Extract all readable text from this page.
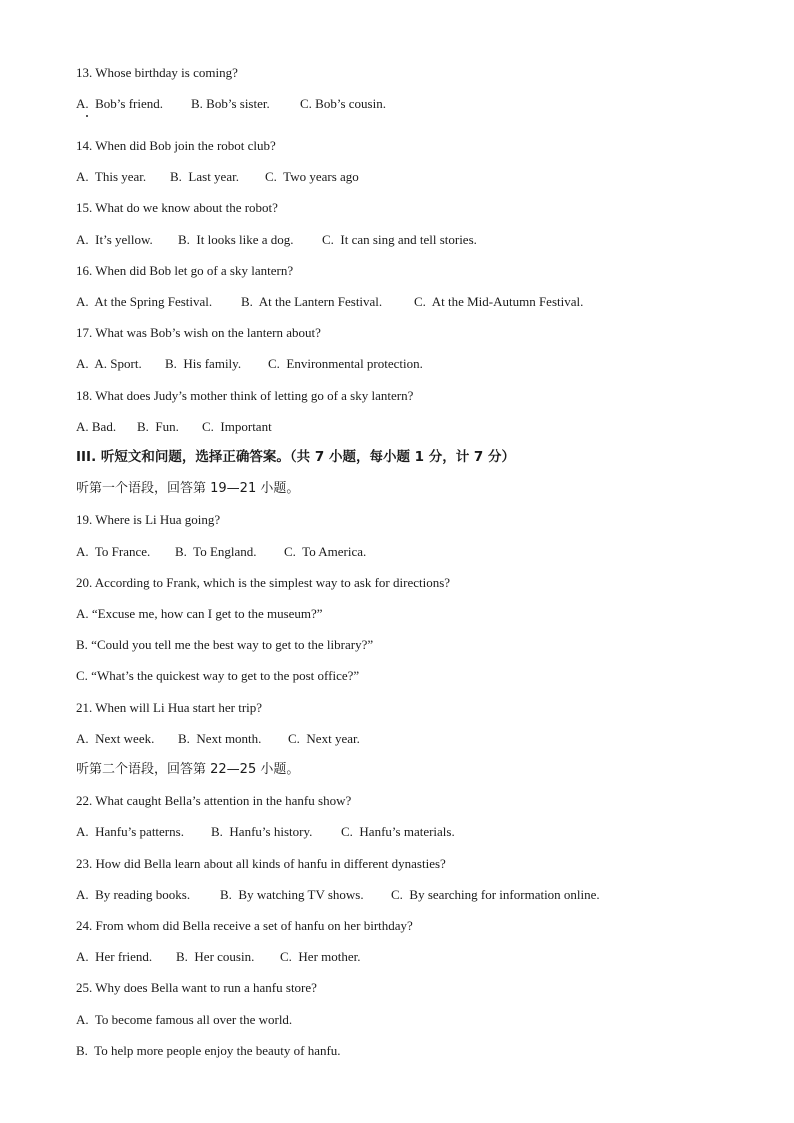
13. Whose birthday is coming?
A.  Bob’s friend.	B. Bob’s sister.	C. Bob’s cousin.
14. When did Bob join the robot club?
A.  This year.	B.  Last year.	C.  Two years ago
15. What do we know about the robot?
A.  It’s yellow.	B.  It looks like a dog.	C.  It can sing and tell stories.
16. When did Bob let go of a sky lantern?
A.  At the Spring Festival.	B.  At the Lantern Festival.	C.  At the Mid-Autumn Festival.
17. What was Bob’s wish on the lantern about?
A.  A. Sport.	B.  His family.	C.  Environmental protection.
18. What does Judy’s mother think of letting go of a sky lantern?
A. Bad.	B.  Fun.	C.  Important
III. 听短文和问题，选择正确答案。（共 7 小题，每小题 1 分，计 7 分）
听第一个语段，回答第 19—21 小题。
19. Where is Li Hua going?
A.  To France.	B.  To England.	C.  To America.
20. According to Frank, which is the simplest way to ask for directions?
A. “Excuse me, how can I get to the museum?”
B. “Could you tell me the best way to get to the library?”
C. “What’s the quickest way to get to the post office?”
21. When will Li Hua start her trip?
A.  Next week.	B.  Next month.	C.  Next year.
听第二个语段，回答第 22—25 小题。
22. What caught Bella’s attention in the hanfu show?
A.  Hanfu’s patterns.	B.  Hanfu’s history.	C.  Hanfu’s materials.
23. How did Bella learn about all kinds of hanfu in different dynasties?
A.  By reading books.	B.  By watching TV shows.	C.  By searching for information online.
24. From whom did Bella receive a set of hanfu on her birthday?
A.  Her friend.	B.  Her cousin.	C.  Her mother.
25. Why does Bella want to run a hanfu store?
A.  To become famous all over the world.
B.  To help more people enjoy the beauty of hanfu.
